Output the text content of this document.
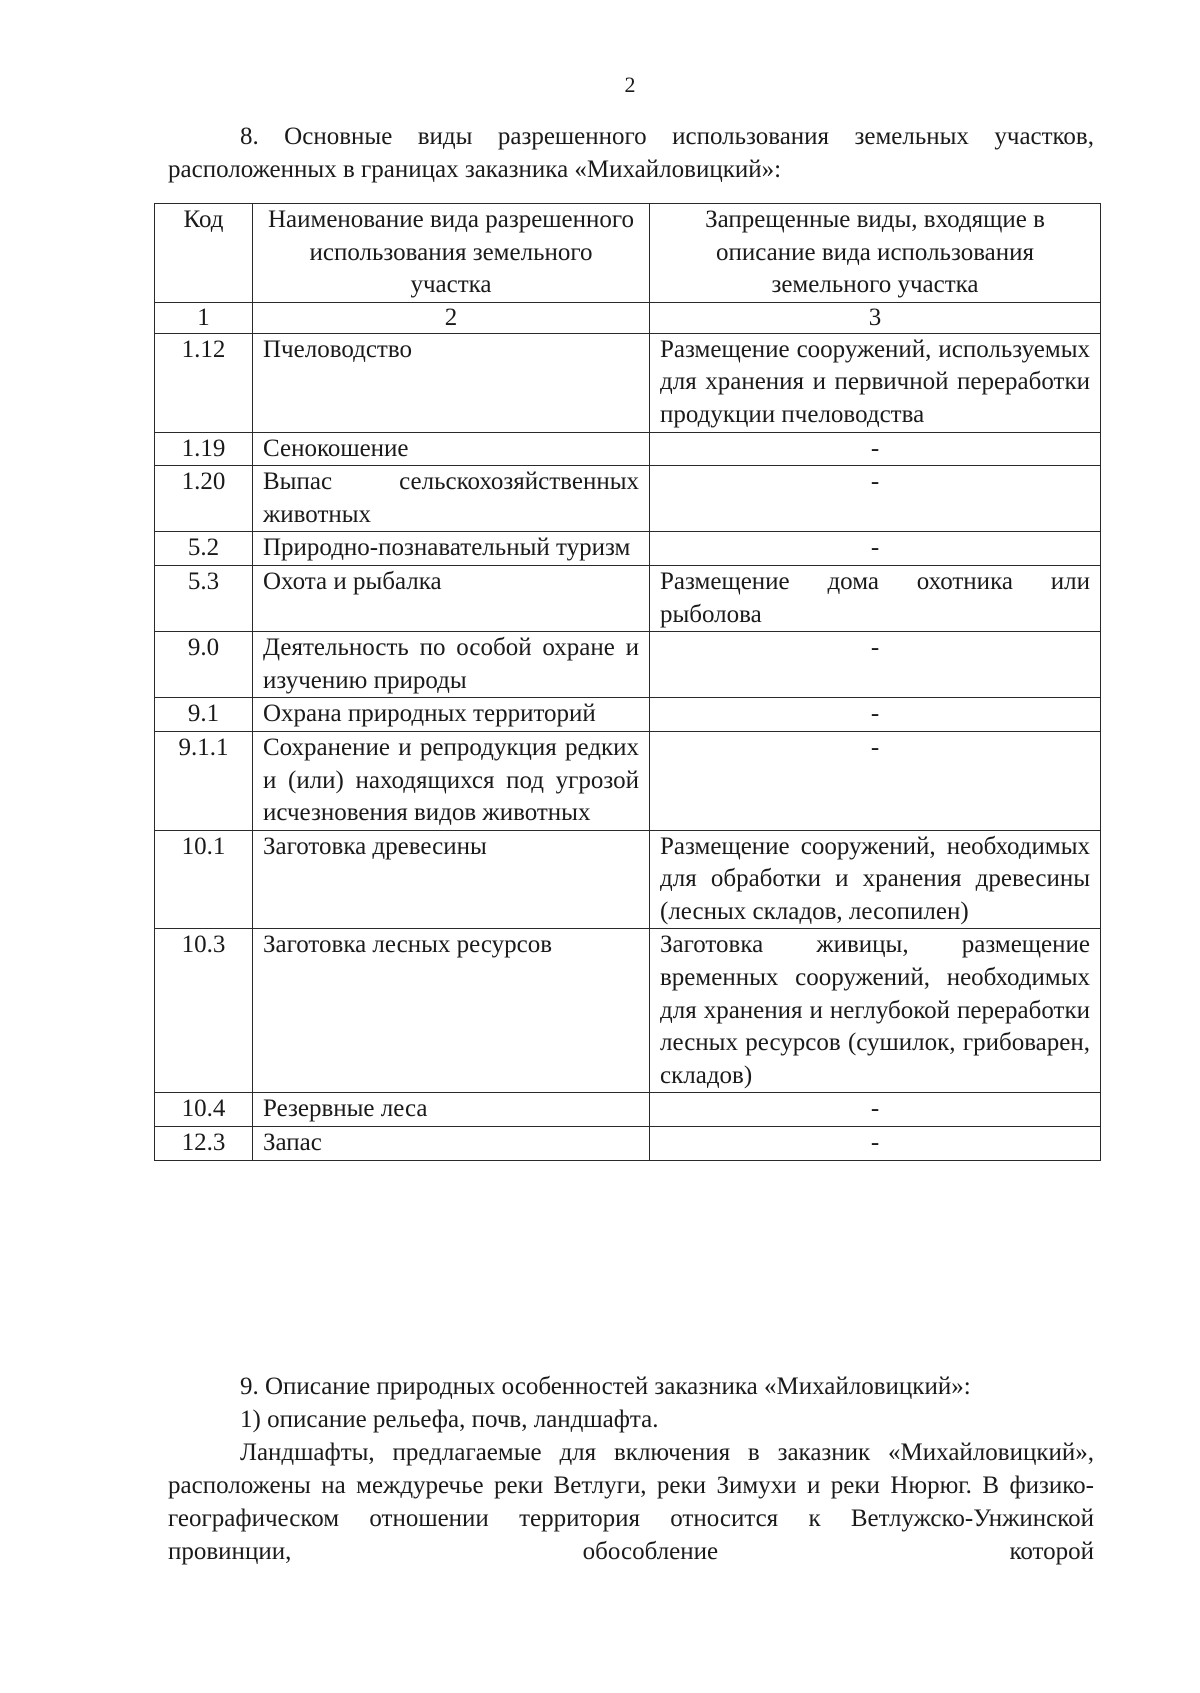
2
8. Основные виды разрешенного использования земельных участков,
расположенных в границах заказника «Михайловицкий»:
Код	Наименование вида разрешенного использования земельного участка	Запрещенные виды, входящие в описание вида использования земельного участка
1	2	3
1.12	Пчеловодство	Размещение сооружений, используемых для хранения и первичной переработки продукции пчеловодства
1.19	Сенокошение	-
1.20	Выпас сельскохозяйственных животных	-
5.2	Природно-познавательный туризм	-
5.3	Охота и рыбалка	Размещение дома охотника или рыболова
9.0	Деятельность по особой охране и изучению природы	-
9.1	Охрана природных территорий	-
9.1.1	Сохранение и репродукция редких и (или) находящихся под угрозой исчезновения видов животных	-
10.1	Заготовка древесины	Размещение сооружений, необходимых для обработки и хранения древесины (лесных складов, лесопилен)
10.3	Заготовка лесных ресурсов	Заготовка живицы, размещение временных сооружений, необходимых для хранения и неглубокой переработки лесных ресурсов (сушилок, грибоварен, складов)
10.4	Резервные леса	-
12.3	Запас	-
9. Описание природных особенностей заказника «Михайловицкий»:
1) описание рельефа, почв, ландшафта.
Ландшафты, предлагаемые для включения в заказник «Михайловицкий», расположены на междуречье реки Ветлуги, реки Зимухи и реки Нюрюг. В физико-географическом отношении территория относится к Ветлужско-Унжинской провинции, обособление которой
